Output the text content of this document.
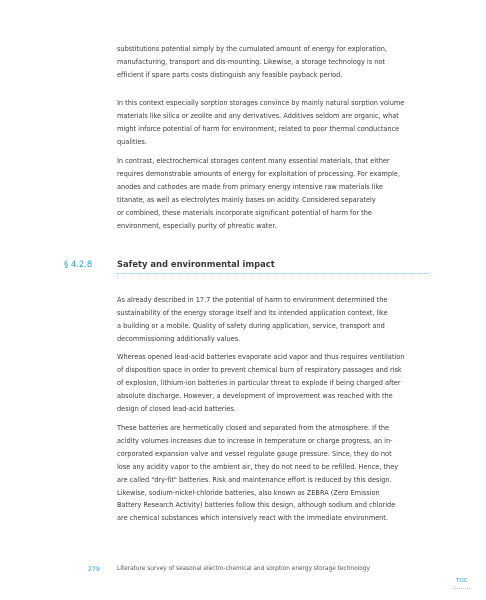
substitutions potential simply by the cumulated amount of energy for exploration,
manufacturing, transport and dis-mounting. Likewise, a storage technology is not
efficient if spare parts costs distinguish any feasible payback period.

In this context especially sorption storages convince by mainly natural sorption volume
materials like silica or zeolite and any derivatives. Additives seldom are organic, what
might inforce potential of harm for environment, related to poor thermal conductance
qualities.

In contrast, electrochemical storages content many essential materials, that either
requires demonstrable amounts of energy for exploitation of processing. For example,
anodes and cathodes are made from primary energy intensive raw materials like
titanate, as well as electrolytes mainly bases on acidity. Considered separately
or combined, these materials incorporate significant potential of harm for the
environment, especially purity of phreatic water.

§ 4.2.8	Safety and environmental impact

As already described in 17.7 the potential of harm to environment determined the
sustainability of the energy storage itself and its intended application context, like
a building or a mobile. Quality of safety during application, service, transport and
decommissioning additionally values.

Whereas opened lead-acid batteries evaporate acid vapor and thus requires ventilation
of disposition space in order to prevent chemical burn of respiratory passages and risk
of explosion, lithium-ion batteries in particular threat to explode if being charged after
absolute discharge. However, a development of improvement was reached with the
design of closed lead-acid batteries.

These batteries are hermetically closed and separated from the atmosphere. If the
acidity volumes increases due to increase in temperature or charge progress, an in-
corporated expansion valve and vessel regulate gauge pressure. Since, they do not
lose any acidity vapor to the ambient air, they do not need to be refilled. Hence, they
are called "dry-fit" batteries. Risk and maintenance effort is reduced by this design.
Likewise, sodium-nickel-chloride batteries, also known as ZEBRA (Zero Emission
Battery Research Activity) batteries follow this design, although sodium and chloride
are chemical substances which intensively react with the immediate environment.

279	Literature survey of seasonal electro-chemical and sorption energy storage technology
TOC
